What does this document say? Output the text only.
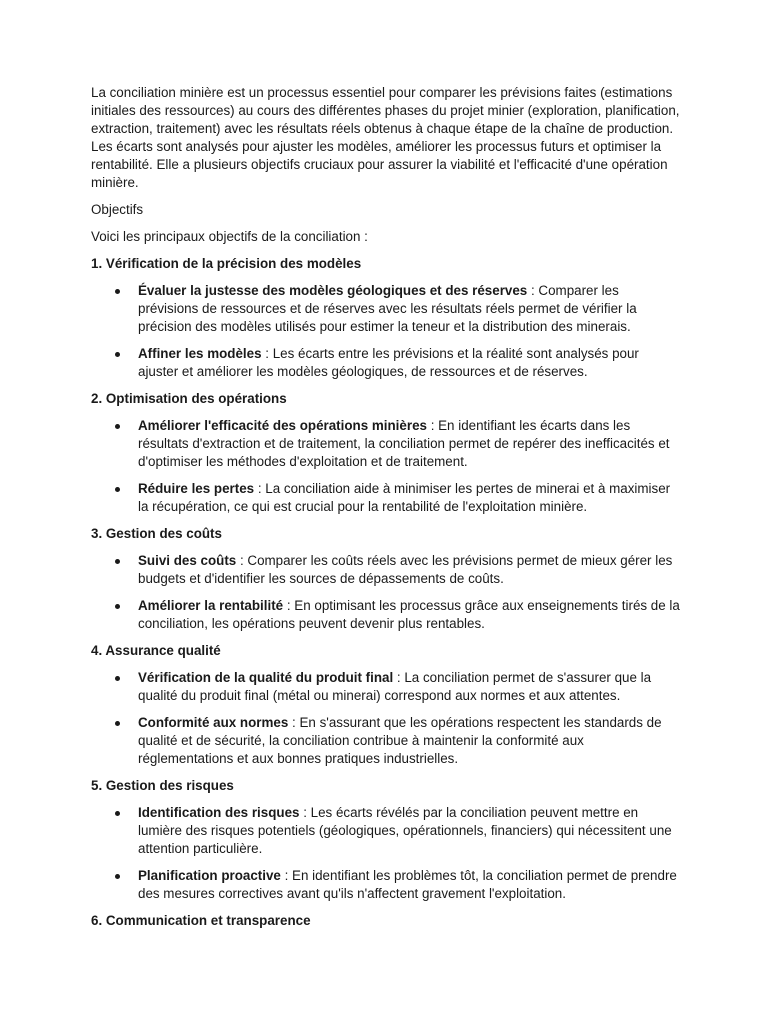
La conciliation minière est un processus essentiel pour comparer les prévisions faites (estimations initiales des ressources) au cours des différentes phases du projet minier (exploration, planification, extraction, traitement) avec les résultats réels obtenus à chaque étape de la chaîne de production. Les écarts sont analysés pour ajuster les modèles, améliorer les processus futurs et optimiser la rentabilité. Elle a plusieurs objectifs cruciaux pour assurer la viabilité et l'efficacité d'une opération minière.

Objectifs

Voici les principaux objectifs de la conciliation :

1. Vérification de la précision des modèles

Évaluer la justesse des modèles géologiques et des réserves : Comparer les prévisions de ressources et de réserves avec les résultats réels permet de vérifier la précision des modèles utilisés pour estimer la teneur et la distribution des minerais.
Affiner les modèles : Les écarts entre les prévisions et la réalité sont analysés pour ajuster et améliorer les modèles géologiques, de ressources et de réserves.

2. Optimisation des opérations

Améliorer l'efficacité des opérations minières : En identifiant les écarts dans les résultats d'extraction et de traitement, la conciliation permet de repérer des inefficacités et d'optimiser les méthodes d'exploitation et de traitement.
Réduire les pertes : La conciliation aide à minimiser les pertes de minerai et à maximiser la récupération, ce qui est crucial pour la rentabilité de l'exploitation minière.

3. Gestion des coûts

Suivi des coûts : Comparer les coûts réels avec les prévisions permet de mieux gérer les budgets et d'identifier les sources de dépassements de coûts.
Améliorer la rentabilité : En optimisant les processus grâce aux enseignements tirés de la conciliation, les opérations peuvent devenir plus rentables.

4. Assurance qualité

Vérification de la qualité du produit final : La conciliation permet de s'assurer que la qualité du produit final (métal ou minerai) correspond aux normes et aux attentes.
Conformité aux normes : En s'assurant que les opérations respectent les standards de qualité et de sécurité, la conciliation contribue à maintenir la conformité aux réglementations et aux bonnes pratiques industrielles.

5. Gestion des risques

Identification des risques : Les écarts révélés par la conciliation peuvent mettre en lumière des risques potentiels (géologiques, opérationnels, financiers) qui nécessitent une attention particulière.
Planification proactive : En identifiant les problèmes tôt, la conciliation permet de prendre des mesures correctives avant qu'ils n'affectent gravement l'exploitation.

6. Communication et transparence
